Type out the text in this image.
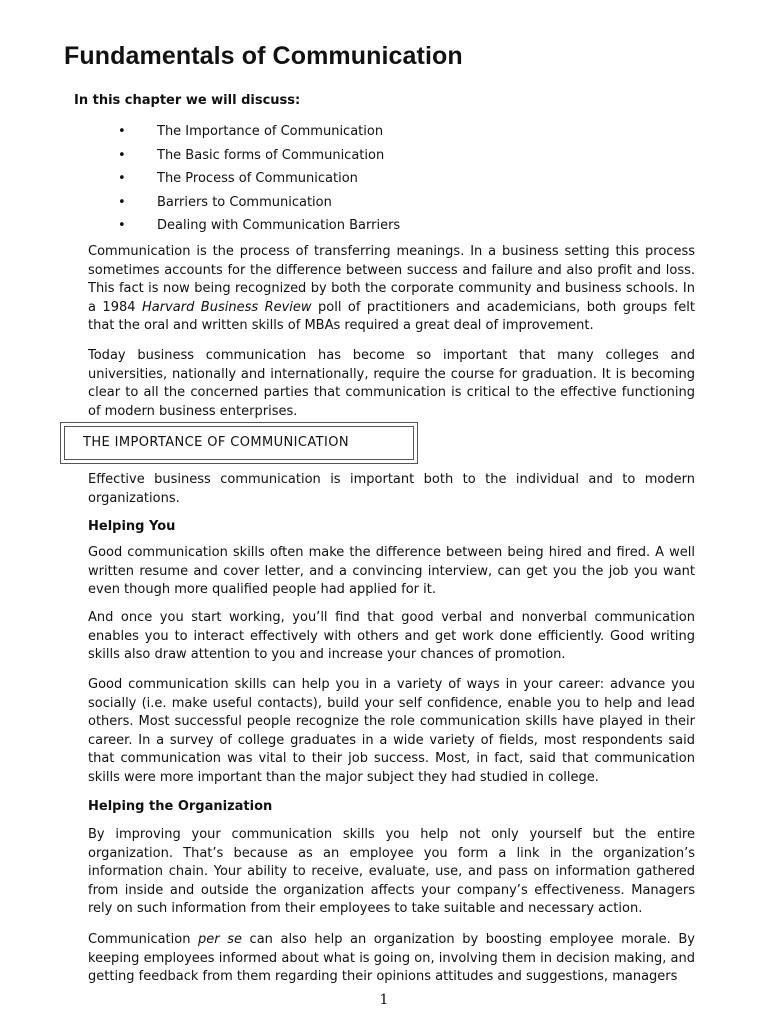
Fundamentals of Communication
In this chapter we will discuss:
• The Importance of Communication
• The Basic forms of Communication
• The Process of Communication
• Barriers to Communication
• Dealing with Communication Barriers

Communication is the process of transferring meanings. In a business setting this process sometimes accounts for the difference between success and failure and also profit and loss. This fact is now being recognized by both the corporate community and business schools. In a 1984 Harvard Business Review poll of practitioners and academicians, both groups felt that the oral and written skills of MBAs required a great deal of improvement.

Today business communication has become so important that many colleges and universities, nationally and internationally, require the course for graduation. It is becoming clear to all the concerned parties that communication is critical to the effective functioning of modern business enterprises.

THE IMPORTANCE OF COMMUNICATION

Effective business communication is important both to the individual and to modern organizations.

Helping You

Good communication skills often make the difference between being hired and fired. A well written resume and cover letter, and a convincing interview, can get you the job you want even though more qualified people had applied for it.

And once you start working, you’ll find that good verbal and nonverbal communication enables you to interact effectively with others and get work done efficiently. Good writing skills also draw attention to you and increase your chances of promotion.

Good communication skills can help you in a variety of ways in your career: advance you socially (i.e. make useful contacts), build your self confidence, enable you to help and lead others. Most successful people recognize the role communication skills have played in their career. In a survey of college graduates in a wide variety of fields, most respondents said that communication was vital to their job success. Most, in fact, said that communication skills were more important than the major subject they had studied in college.

Helping the Organization

By improving your communication skills you help not only yourself but the entire organization. That’s because as an employee you form a link in the organization’s information chain. Your ability to receive, evaluate, use, and pass on information gathered from inside and outside the organization affects your company’s effectiveness. Managers rely on such information from their employees to take suitable and necessary action.

Communication per se can also help an organization by boosting employee morale. By keeping employees informed about what is going on, involving them in decision making, and getting feedback from them regarding their opinions attitudes and suggestions, managers

1
